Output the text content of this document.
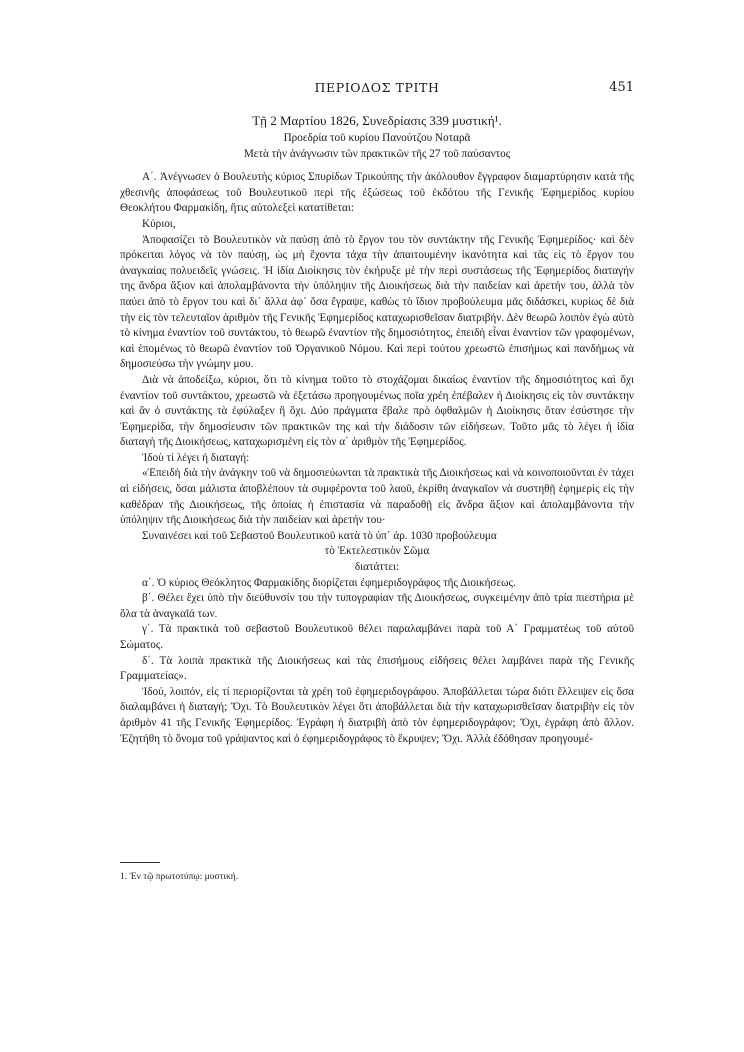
ΠΕΡΙΟΔΟΣ ΤΡΙΤΗ	451
Τῇ 2 Μαρτίου 1826, Συνεδρίασις 339 μυστική¹.
Προεδρία τοῦ κυρίου Πανούτζου Νοταρᾶ
Μετὰ τὴν ἀνάγνωσιν τῶν πρακτικῶν τῆς 27 τοῦ παύσαντος

Α΄. Ἀνέγνωσεν ὁ Βουλευτὴς κύριος Σπυρίδων Τρικούπης τὴν ἀκόλουθον ἔγγραφον διαμαρτύρησιν κατὰ τῆς χθεσινῆς ἀποφάσεως τοῦ Βουλευτικοῦ περὶ τῆς ἐξώσεως τοῦ ἐκδότου τῆς Γενικῆς Ἐφημερίδος κυρίου Θεοκλήτου Φαρμακίδη, ἥτις αὐτολεξεὶ κατατίθεται:

Κύριοι,

Ἀποφασίζει τὸ Βουλευτικὸν νὰ παύσῃ ἀπὸ τὸ ἔργον του τὸν συντάκτην τῆς Γενικῆς Ἐφημερίδος· καὶ δὲν πρόκειται λόγος νὰ τὸν παύσῃ, ὡς μὴ ἔχοντα τάχα τὴν ἀπαιτουμένην ἱκανότητα καὶ τὰς εἰς τὸ ἔργον του ἀναγκαίας πολυειδεῖς γνώσεις. Ἡ ἰδία Διοίκησις τὸν ἐκήρυξε μὲ τὴν περὶ συστάσεως τῆς Ἐφημερίδος διαταγήν της ἄνδρα ἄξιον καὶ ἀπολαμβάνοντα τὴν ὑπόληψιν τῆς Διοικήσεως διὰ τὴν παιδείαν καὶ ἀρετήν του, ἀλλὰ τὸν παύει ἀπὸ τὸ ἔργον του καὶ δι᾽ ἄλλα ἀφ᾽ ὅσα ἔγραψε, καθὼς τὸ ἴδιον προβούλευμα μᾶς διδάσκει, κυρίως δὲ διὰ τὴν εἰς τὸν τελευταῖον ἀριθμὸν τῆς Γενικῆς Ἐφημερίδος καταχωρισθεῖσαν διατριβήν. Δὲν θεωρῶ λοιπὸν ἐγὼ αὐτὸ τὸ κίνημα ἐναντίον τοῦ συντάκτου, τὸ θεωρῶ ἐναντίον τῆς δημοσιότητος, ἐπειδὴ εἶναι ἐναντίον τῶν γραφομένων, καὶ ἑπομένως τὸ θεωρῶ ἐναντίον τοῦ Ὀργανικοῦ Νόμου. Καὶ περὶ τούτου χρεωστῶ ἐπισήμως καὶ πανδήμως νὰ δημοσιεύσω τὴν γνώμην μου.

Διὰ νὰ ἀποδείξω, κύριοι, ὅτι τὸ κίνημα τοῦτο τὸ στοχάζομαι δικαίως ἐναντίον τῆς δημοσιότητος καὶ ὄχι ἐναντίον τοῦ συντάκτου, χρεωστῶ νὰ ἐξετάσω προηγουμένως ποῖα χρέη ἐπέβαλεν ἡ Διοίκησις εἰς τὸν συντάκτην καὶ ἂν ὁ συντάκτης τὰ ἐφύλαξεν ἢ ὄχι. Δύο πράγματα ἔβαλε πρὸ ὀφθαλμῶν ἡ Διοίκησις ὅταν ἐσύστησε τὴν Ἐφημερίδα, τὴν δημοσίευσιν τῶν πρακτικῶν της καὶ τὴν διάδοσιν τῶν εἰδήσεων. Τοῦτο μᾶς τὸ λέγει ἡ ἰδία διαταγὴ τῆς Διοικήσεως, καταχωρισμένη εἰς τὸν α΄ ἀριθμὸν τῆς Ἐφημερίδος.

Ἰδοὺ τί λέγει ἡ διαταγή:

«Ἐπειδὴ διὰ τὴν ἀνάγκην τοῦ νὰ δημοσιεύωνται τὰ πρακτικὰ τῆς Διοικήσεως καὶ νὰ κοινοποιοῦνται ἐν τάχει αἱ εἰδήσεις, ὅσαι μάλιστα ἀποβλέπουν τὰ συμφέροντα τοῦ λαοῦ, ἐκρίθη ἀναγκαῖον νὰ συστηθῇ ἐφημερὶς εἰς τὴν καθέδραν τῆς Διοικήσεως, τῆς ὁποίας ἡ ἐπιστασία νὰ παραδοθῇ εἰς ἄνδρα ἄξιον καὶ ἀπολαμβάνοντα τὴν ὑπόληψιν τῆς Διοικήσεως διὰ τὴν παιδείαν καὶ ἀρετήν του·

Συναινέσει καὶ τοῦ Σεβαστοῦ Βουλευτικοῦ κατὰ τὸ ὑπ᾽ ἀρ. 1030 προβούλευμα

τὸ Ἐκτελεστικὸν Σῶμα
διατάττει:

α΄. Ὁ κύριος Θεόκλητος Φαρμακίδης διορίζεται ἐφημεριδογράφος τῆς Διοικήσεως.

β΄. Θέλει ἔχει ὑπὸ τὴν διεύθυνσίν του τὴν τυπογραφίαν τῆς Διοικήσεως, συγκειμένην ἀπὸ τρία πιεστήρια μὲ ὅλα τὰ ἀναγκαῖά των.

γ΄. Τὰ πρακτικὰ τοῦ σεβαστοῦ Βουλευτικοῦ θέλει παραλαμβάνει παρὰ τοῦ Α΄ Γραμματέως τοῦ αὐτοῦ Σώματος.

δ΄. Τὰ λοιπὰ πρακτικὰ τῆς Διοικήσεως καὶ τὰς ἐπισήμους εἰδήσεις θέλει λαμβάνει παρὰ τῆς Γενικῆς Γραμματείας».

Ἰδού, λοιπόν, εἰς τί περιορίζονται τὰ χρέη τοῦ ἐφημεριδογράφου. Ἀποβάλλεται τώρα διότι ἔλλειψεν εἰς ὅσα διαλαμβάνει ἡ διαταγή; Ὄχι. Τὸ Βουλευτικὸν λέγει ὅτι ἀποβάλλεται διὰ τὴν καταχωρισθεῖσαν διατριβὴν εἰς τὸν ἀριθμὸν 41 τῆς Γενικῆς Ἐφημερίδος. Ἐγράφη ἡ διατριβὴ ἀπὸ τὸν ἐφημεριδογράφον; Ὄχι, ἐγράφη ἀπὸ ἄλλον. Ἐζητήθη τὸ ὄνομα τοῦ γράψαντος καὶ ὁ ἐφημεριδογράφος τὸ ἔκρυψεν; Ὄχι. Ἀλλὰ ἐδόθησαν προηγουμέ-

1. Ἐν τῷ πρωτοτύπῳ: μυστική.
